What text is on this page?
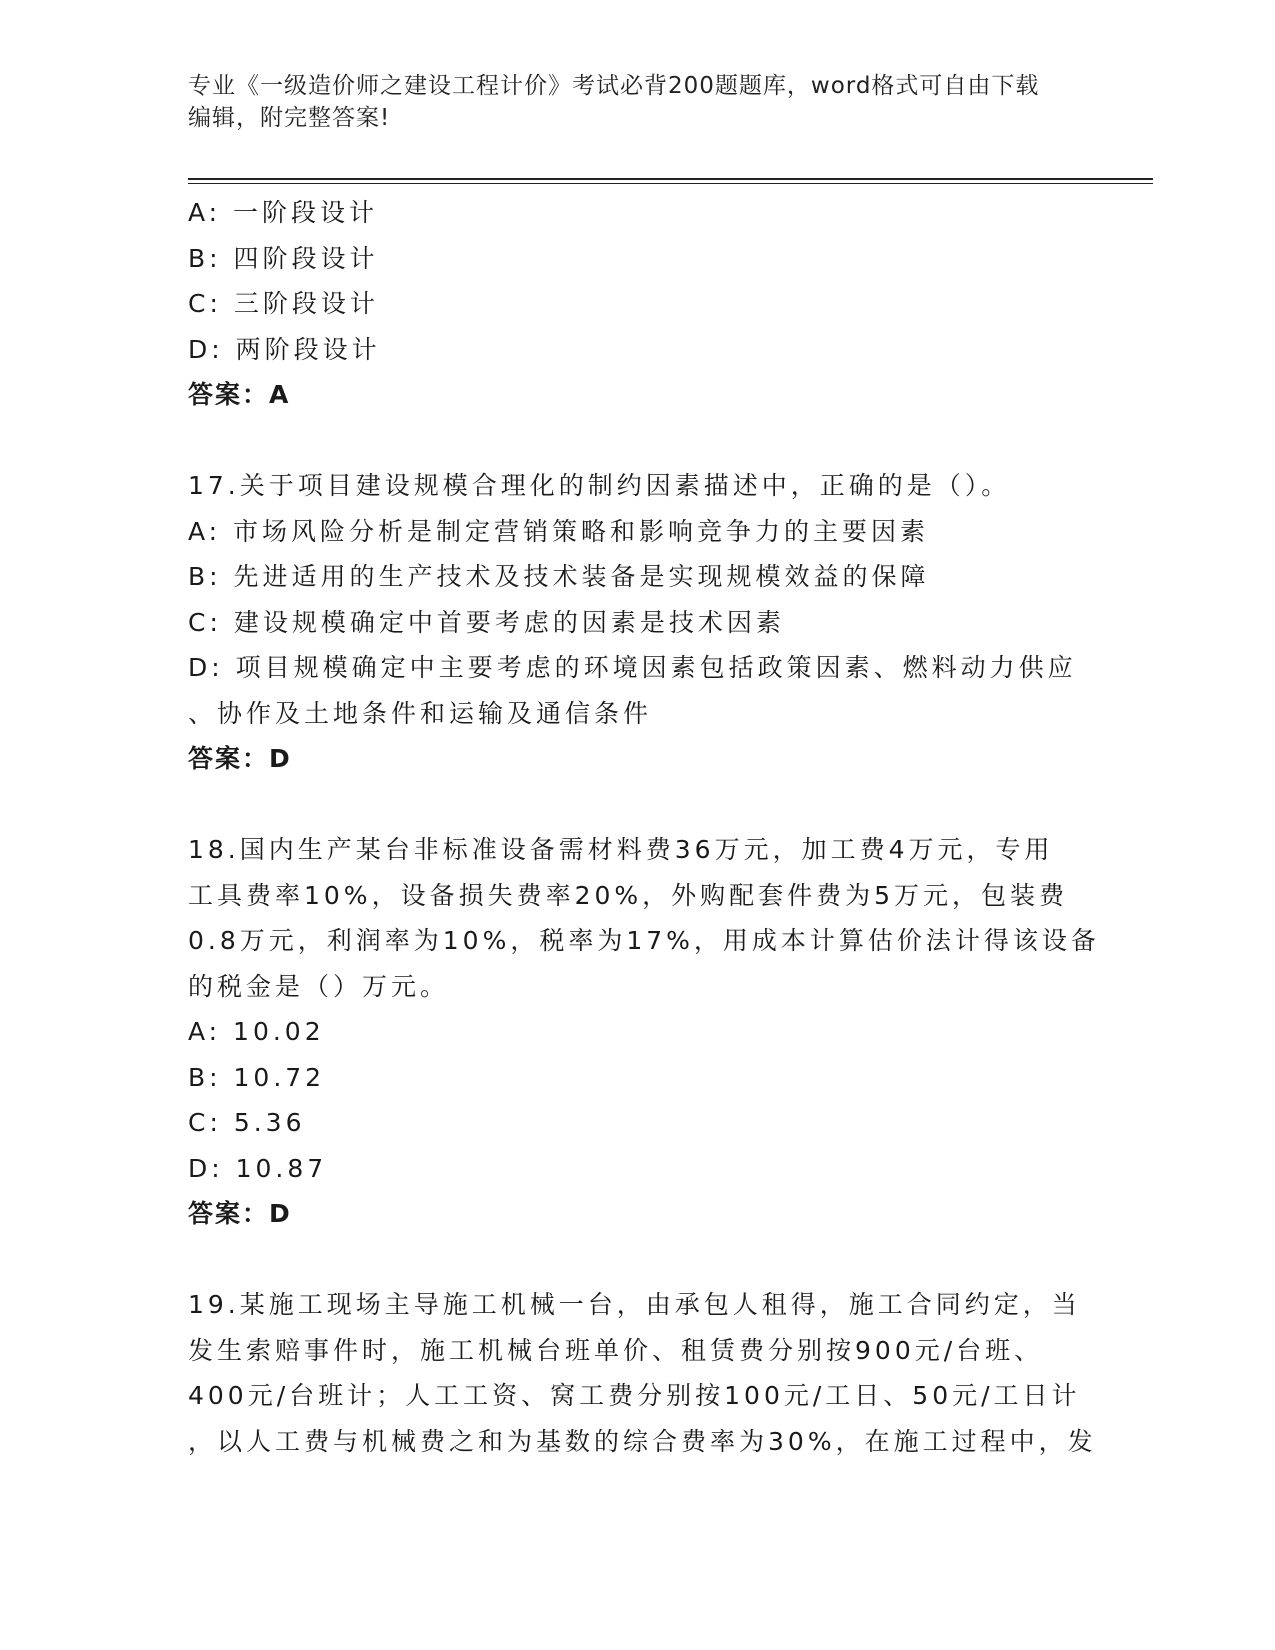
专业《一级造价师之建设工程计价》考试必背200题题库，word格式可自由下载
编辑，附完整答案!
A: 一阶段设计
B: 四阶段设计
C: 三阶段设计
D: 两阶段设计
答案：A
17.关于项目建设规模合理化的制约因素描述中，正确的是（）。
A: 市场风险分析是制定营销策略和影响竞争力的主要因素
B: 先进适用的生产技术及技术装备是实现规模效益的保障
C: 建设规模确定中首要考虑的因素是技术因素
D: 项目规模确定中主要考虑的环境因素包括政策因素、燃料动力供应
、协作及土地条件和运输及通信条件
答案：D
18.国内生产某台非标准设备需材料费36万元，加工费4万元，专用
工具费率10%，设备损失费率20%，外购配套件费为5万元，包装费
0.8万元，利润率为10%，税率为17%，用成本计算估价法计得该设备
的税金是（）万元。
A: 10.02
B: 10.72
C: 5.36
D: 10.87
答案：D
19.某施工现场主导施工机械一台，由承包人租得，施工合同约定，当
发生索赔事件时，施工机械台班单价、租赁费分别按900元/台班、
400元/台班计；人工工资、窝工费分别按100元/工日、50元/工日计
，以人工费与机械费之和为基数的综合费率为30%，在施工过程中，发
